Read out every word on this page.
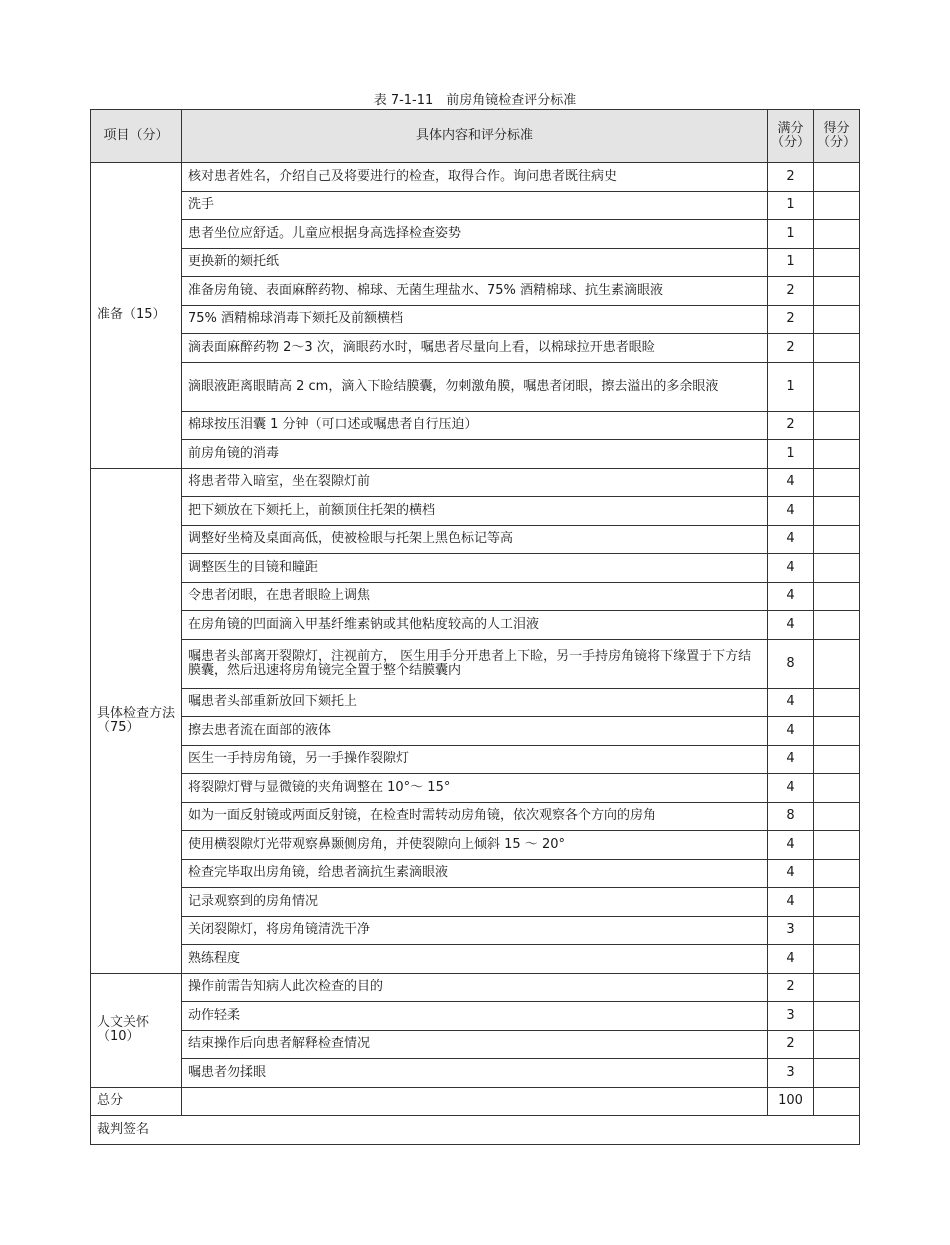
表 7-1-11　前房角镜检查评分标准
项目（分）	具体内容和评分标准	满分（分）	得分（分）
准备（15）	核对患者姓名，介绍自己及将要进行的检查，取得合作。询问患者既往病史	2	
	洗手	1	
	患者坐位应舒适。儿童应根据身高选择检查姿势	1	
	更换新的颏托纸	1	
	准备房角镜、表面麻醉药物、棉球、无菌生理盐水、75% 酒精棉球、抗生素滴眼液	2	
	75% 酒精棉球消毒下颏托及前额横档	2	
	滴表面麻醉药物 2～3 次，滴眼药水时，嘱患者尽量向上看，以棉球拉开患者眼睑	2	
	滴眼液距离眼睛高 2 cm，滴入下睑结膜囊，勿刺激角膜，嘱患者闭眼，擦去溢出的多余眼液	1	
	棉球按压泪囊 1 分钟（可口述或嘱患者自行压迫）	2	
	前房角镜的消毒	1	
具体检查方法（75）	将患者带入暗室，坐在裂隙灯前	4	
	把下颏放在下颏托上，前额顶住托架的横档	4	
	调整好坐椅及桌面高低，使被检眼与托架上黑色标记等高	4	
	调整医生的目镜和瞳距	4	
	令患者闭眼，在患者眼睑上调焦	4	
	在房角镜的凹面滴入甲基纤维素钠或其他粘度较高的人工泪液	4	
	嘱患者头部离开裂隙灯，注视前方， 医生用手分开患者上下睑，另一手持房角镜将下缘置于下方结膜囊，然后迅速将房角镜完全置于整个结膜囊内	8	
	嘱患者头部重新放回下颏托上	4	
	擦去患者流在面部的液体	4	
	医生一手持房角镜，另一手操作裂隙灯	4	
	将裂隙灯臂与显微镜的夹角调整在 10°～ 15°	4	
	如为一面反射镜或两面反射镜，在检查时需转动房角镜，依次观察各个方向的房角	8	
	使用横裂隙灯光带观察鼻颞侧房角，并使裂隙向上倾斜 15 ～ 20°	4	
	检查完毕取出房角镜，给患者滴抗生素滴眼液	4	
	记录观察到的房角情况	4	
	关闭裂隙灯，将房角镜清洗干净	3	
	熟练程度	4	
人文关怀（10）	操作前需告知病人此次检查的目的	2	
	动作轻柔	3	
	结束操作后向患者解释检查情况	2	
	嘱患者勿揉眼	3	
总分		100	
裁判签名			
